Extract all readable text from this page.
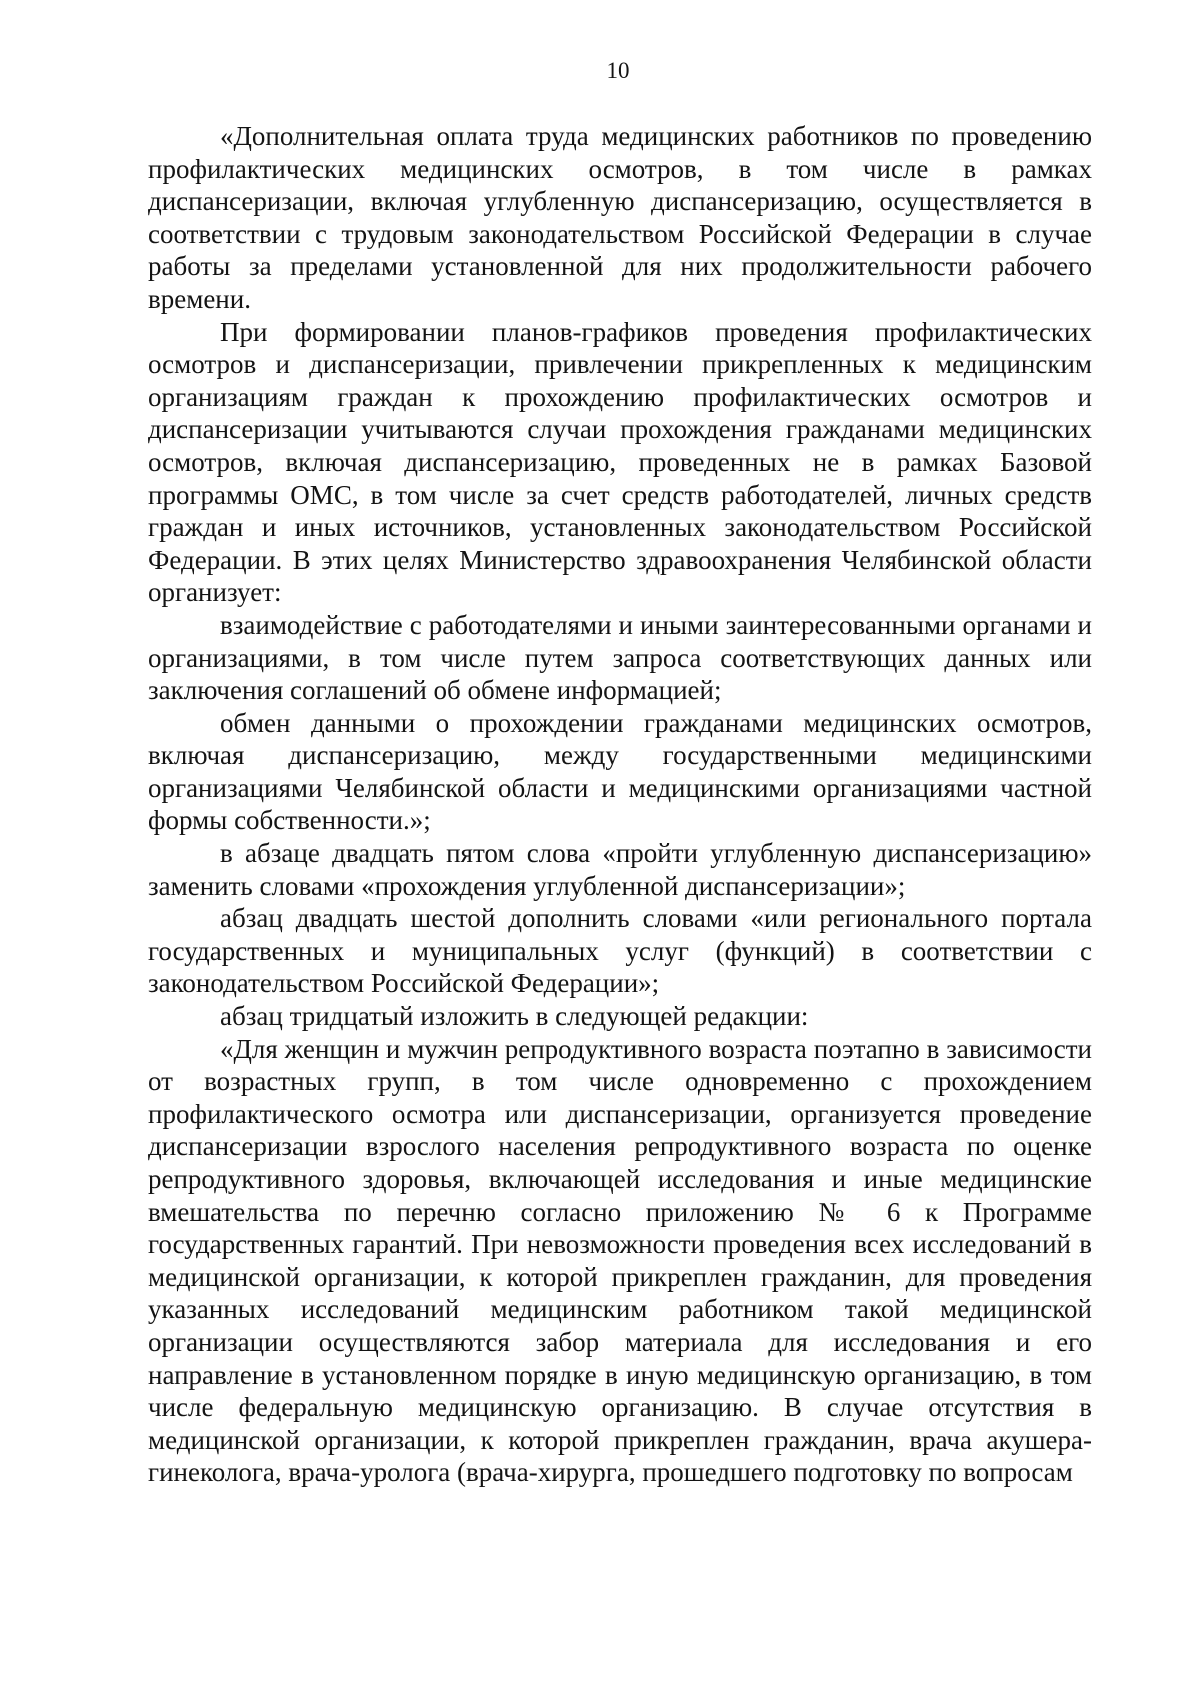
10

«Дополнительная оплата труда медицинских работников по проведению профилактических медицинских осмотров, в том числе в рамках диспансеризации, включая углубленную диспансеризацию, осуществляется в соответствии с трудовым законодательством Российской Федерации в случае работы за пределами установленной для них продолжительности рабочего времени.

При формировании планов-графиков проведения профилактических осмотров и диспансеризации, привлечении прикрепленных к медицинским организациям граждан к прохождению профилактических осмотров и диспансеризации учитываются случаи прохождения гражданами медицинских осмотров, включая диспансеризацию, проведенных не в рамках Базовой программы ОМС, в том числе за счет средств работодателей, личных средств граждан и иных источников, установленных законодательством Российской Федерации. В этих целях Министерство здравоохранения Челябинской области организует:

взаимодействие с работодателями и иными заинтересованными органами и организациями, в том числе путем запроса соответствующих данных или заключения соглашений об обмене информацией;

обмен данными о прохождении гражданами медицинских осмотров, включая диспансеризацию, между государственными медицинскими организациями Челябинской области и медицинскими организациями частной формы собственности.»;

в абзаце двадцать пятом слова «пройти углубленную диспансеризацию» заменить словами «прохождения углубленной диспансеризации»;

абзац двадцать шестой дополнить словами «или регионального портала государственных и муниципальных услуг (функций) в соответствии с законодательством Российской Федерации»;

абзац тридцатый изложить в следующей редакции:

«Для женщин и мужчин репродуктивного возраста поэтапно в зависимости от возрастных групп, в том числе одновременно с прохождением профилактического осмотра или диспансеризации, организуется проведение диспансеризации взрослого населения репродуктивного возраста по оценке репродуктивного здоровья, включающей исследования и иные медицинские вмешательства по перечню согласно приложению № 6 к Программе государственных гарантий. При невозможности проведения всех исследований в медицинской организации, к которой прикреплен гражданин, для проведения указанных исследований медицинским работником такой медицинской организации осуществляются забор материала для исследования и его направление в установленном порядке в иную медицинскую организацию, в том числе федеральную медицинскую организацию. В случае отсутствия в медицинской организации, к которой прикреплен гражданин, врача акушера-гинеколога, врача-уролога (врача-хирурга, прошедшего подготовку по вопросам
